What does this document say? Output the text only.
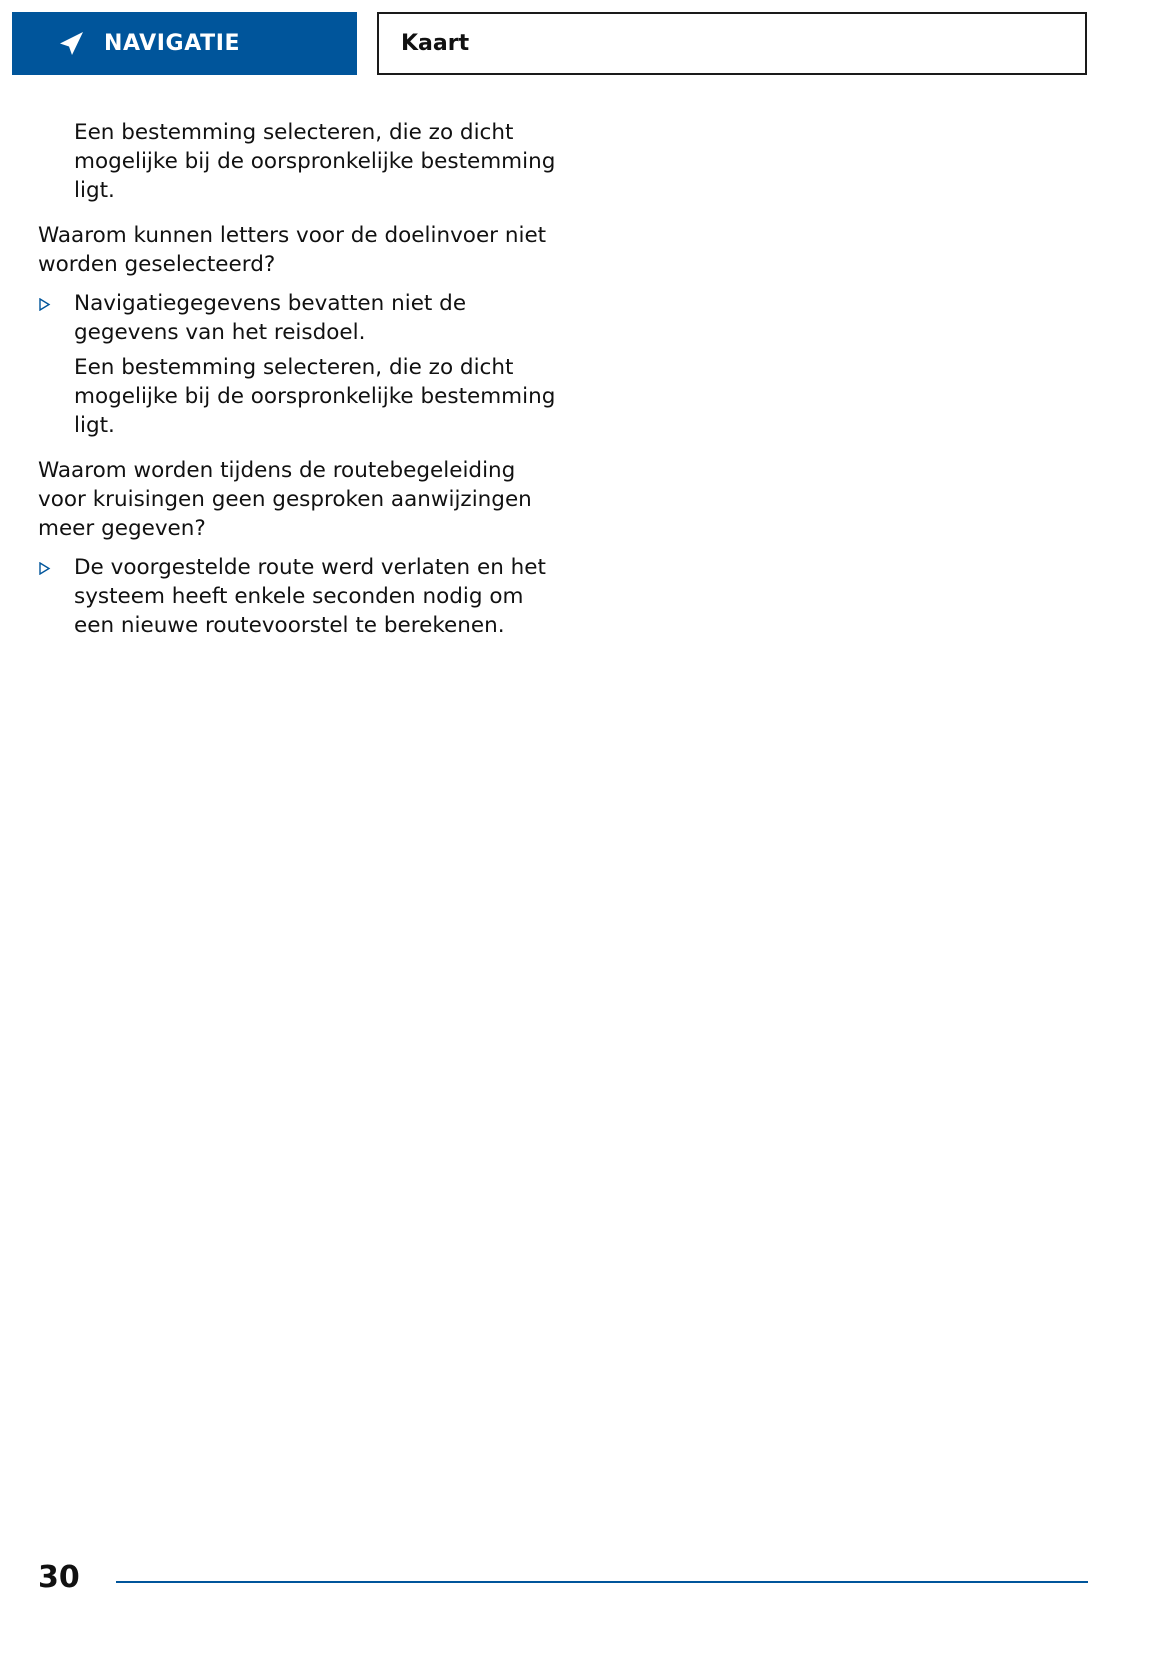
NAVIGATIE	Kaart

Een bestemming selecteren, die zo dicht mogelijke bij de oorspronkelijke bestemming ligt.

Waarom kunnen letters voor de doelinvoer niet worden geselecteerd?

Navigatiegegevens bevatten niet de gegevens van het reisdoel.

Een bestemming selecteren, die zo dicht mogelijke bij de oorspronkelijke bestemming ligt.

Waarom worden tijdens de routebegeleiding voor kruisingen geen gesproken aanwijzingen meer gegeven?

De voorgestelde route werd verlaten en het systeem heeft enkele seconden nodig om een nieuwe routevoorstel te berekenen.
30
